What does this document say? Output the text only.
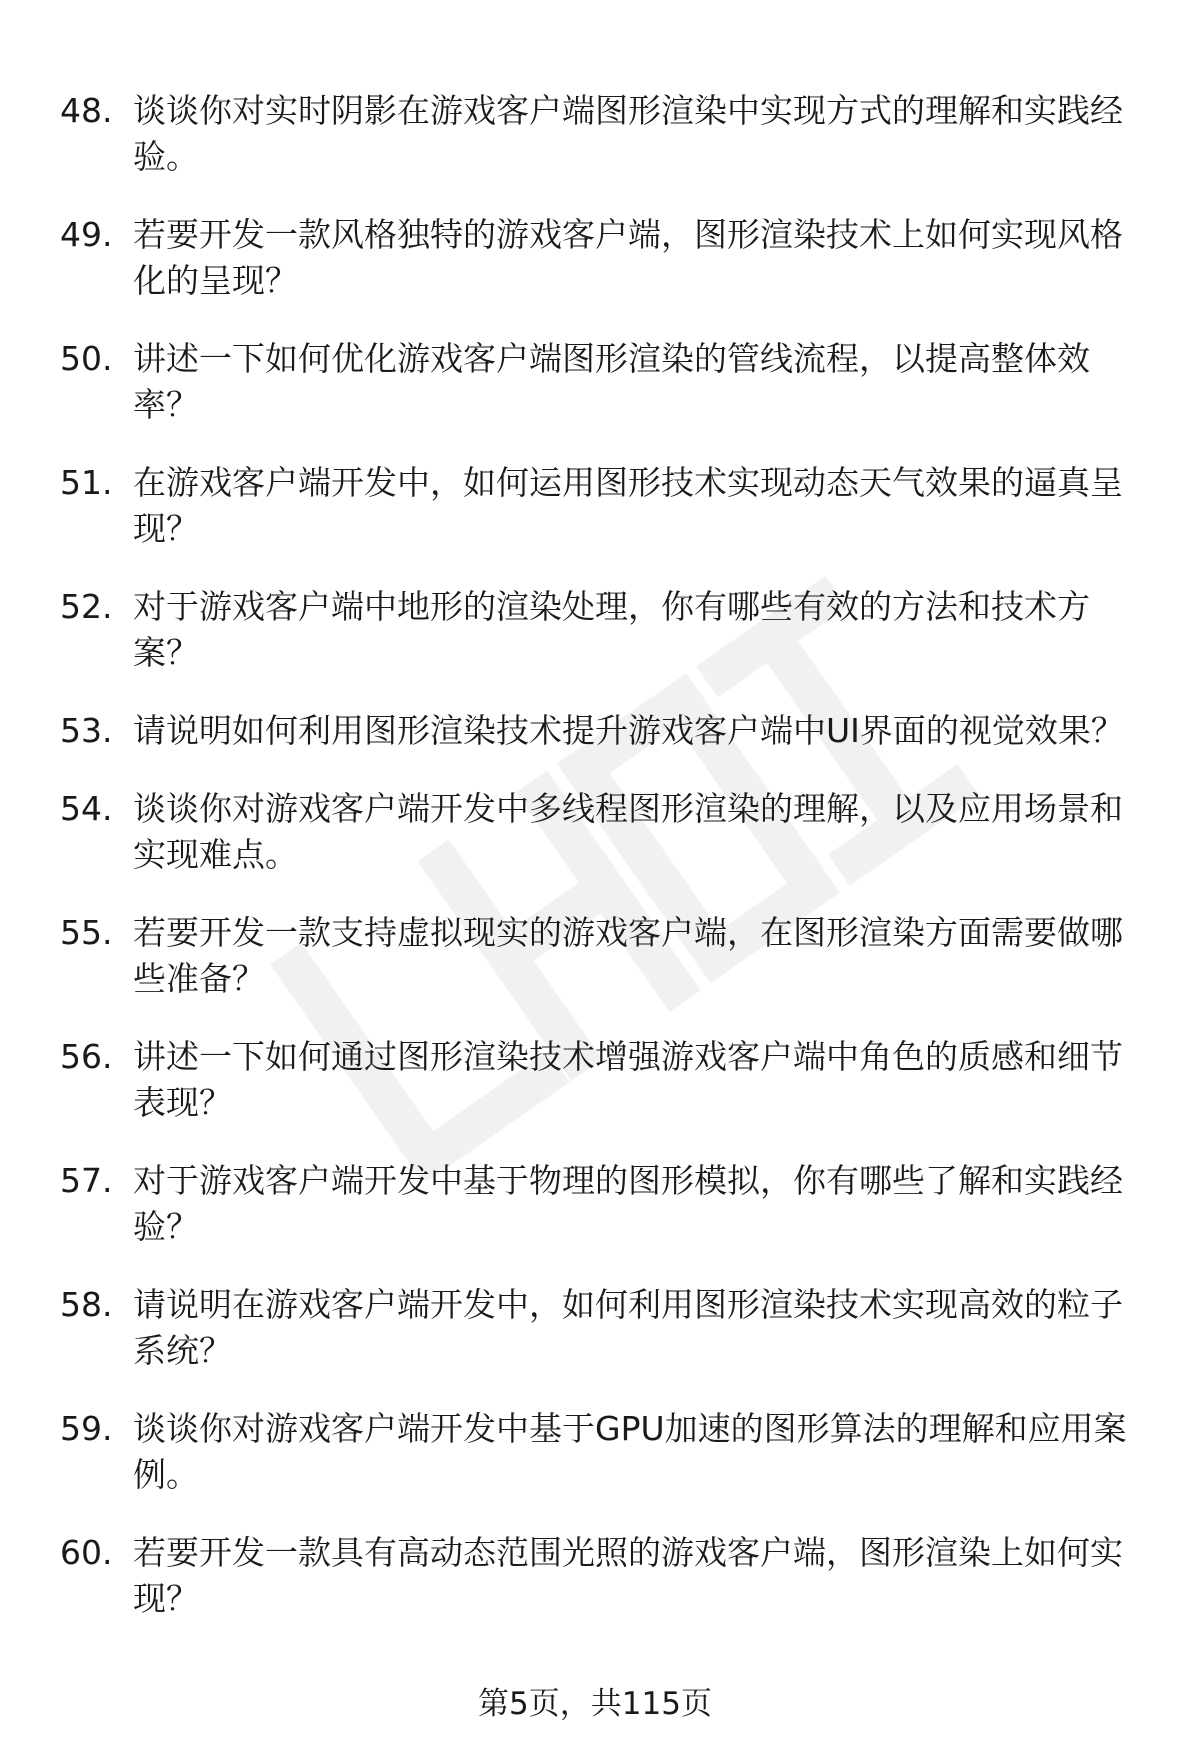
48. 谈谈你对实时阴影在游戏客户端图形渲染中实现方式的理解和实践经验。
49. 若要开发一款风格独特的游戏客户端，图形渲染技术上如何实现风格化的呈现？
50. 讲述一下如何优化游戏客户端图形渲染的管线流程，以提高整体效率？
51. 在游戏客户端开发中，如何运用图形技术实现动态天气效果的逼真呈现？
52. 对于游戏客户端中地形的渲染处理，你有哪些有效的方法和技术方案？
53. 请说明如何利用图形渲染技术提升游戏客户端中UI界面的视觉效果？
54. 谈谈你对游戏客户端开发中多线程图形渲染的理解，以及应用场景和实现难点。
55. 若要开发一款支持虚拟现实的游戏客户端，在图形渲染方面需要做哪些准备？
56. 讲述一下如何通过图形渲染技术增强游戏客户端中角色的质感和细节表现？
57. 对于游戏客户端开发中基于物理的图形模拟，你有哪些了解和实践经验？
58. 请说明在游戏客户端开发中，如何利用图形渲染技术实现高效的粒子系统？
59. 谈谈你对游戏客户端开发中基于GPU加速的图形算法的理解和应用案例。
60. 若要开发一款具有高动态范围光照的游戏客户端，图形渲染上如何实现？
第5页，共115页
